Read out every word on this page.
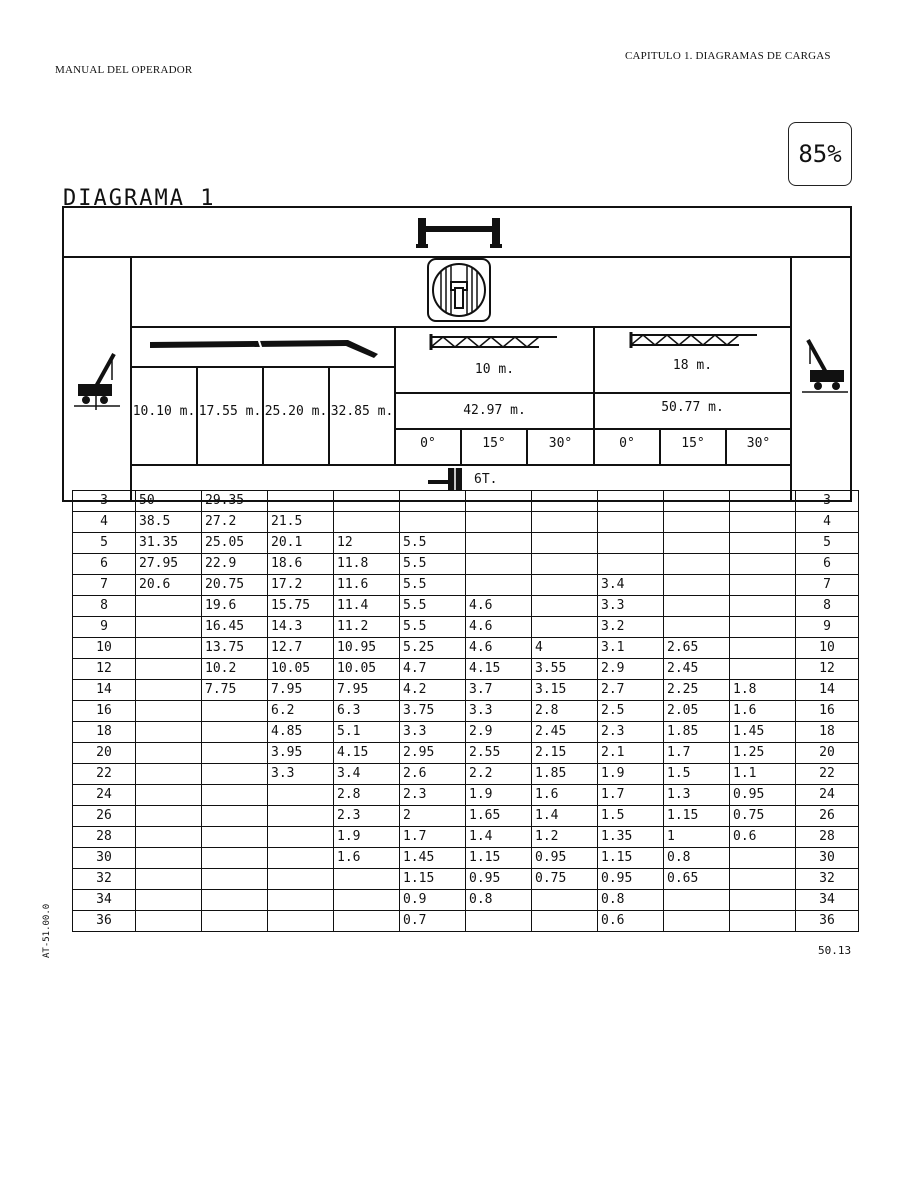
MANUAL DEL OPERADOR
CAPITULO 1. DIAGRAMAS DE CARGAS
85%
DIAGRAMA 1
10.10 m. 17.55 m. 25.20 m. 32.85 m.
10 m.	18 m.
42.97 m.	50.77 m.
0°	15°	30°	0°	15°	30°
6T.
3	50	29.35									3
4	38.5	27.2	21.5								4
5	31.35	25.05	20.1	12	5.5						5
6	27.95	22.9	18.6	11.8	5.5						6
7	20.6	20.75	17.2	11.6	5.5			3.4			7
8		19.6	15.75	11.4	5.5	4.6		3.3			8
9		16.45	14.3	11.2	5.5	4.6		3.2			9
10		13.75	12.7	10.95	5.25	4.6	4	3.1	2.65		10
12		10.2	10.05	10.05	4.7	4.15	3.55	2.9	2.45		12
14		7.75	7.95	7.95	4.2	3.7	3.15	2.7	2.25	1.8	14
16			6.2	6.3	3.75	3.3	2.8	2.5	2.05	1.6	16
18			4.85	5.1	3.3	2.9	2.45	2.3	1.85	1.45	18
20			3.95	4.15	2.95	2.55	2.15	2.1	1.7	1.25	20
22			3.3	3.4	2.6	2.2	1.85	1.9	1.5	1.1	22
24				2.8	2.3	1.9	1.6	1.7	1.3	0.95	24
26				2.3	2	1.65	1.4	1.5	1.15	0.75	26
28				1.9	1.7	1.4	1.2	1.35	1	0.6	28
30				1.6	1.45	1.15	0.95	1.15	0.8		30
32					1.15	0.95	0.75	0.95	0.65		32
34					0.9	0.8		0.8			34
36					0.7			0.6			36
AT-51.00.0	50.13
